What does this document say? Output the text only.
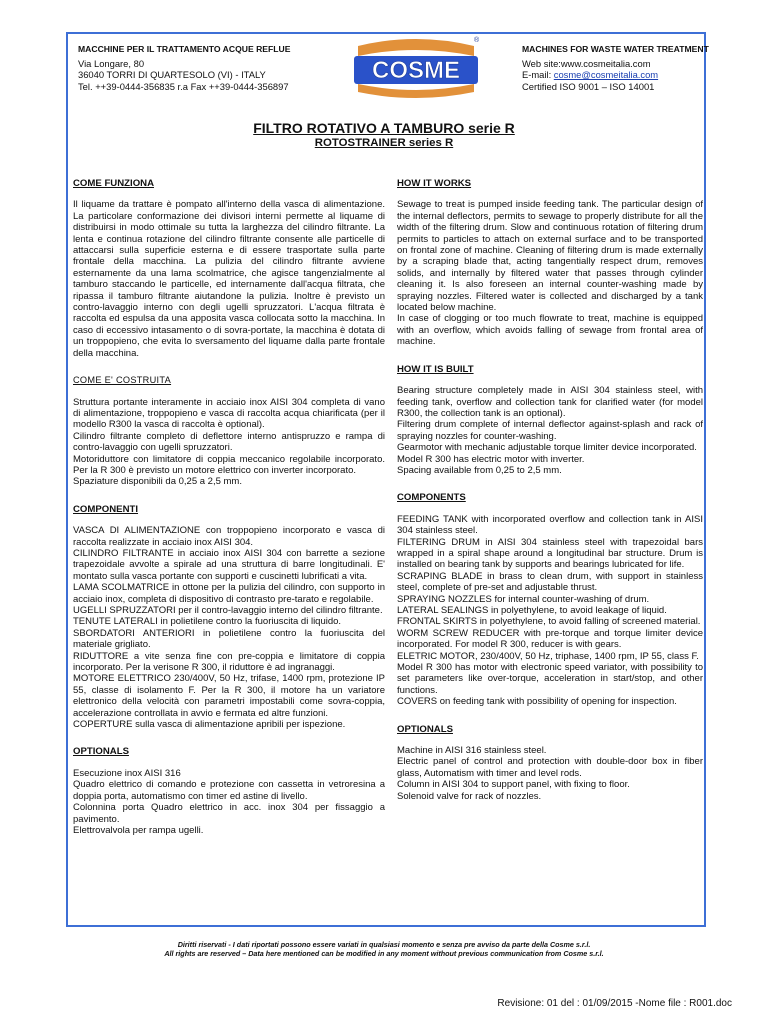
MACCHINE PER IL TRATTAMENTO ACQUE REFLUE
Via Longare, 80
36040 TORRI DI QUARTESOLO (VI) - ITALY
Tel. ++39-0444-356835 r.a Fax ++39-0444-356897
COSME
®
MACHINES FOR WASTE WATER TREATMENT
Web site:www.cosmeitalia.com
E-mail: cosme@cosmeitalia.com
Certified ISO 9001 – ISO 14001
FILTRO ROTATIVO A TAMBURO serie R
ROTOSTRAINER series R
COME FUNZIONA

Il liquame da trattare è pompato all'interno della vasca di alimentazione. La particolare conformazione dei divisori interni permette al liquame di distribuirsi in modo ottimale su tutta la larghezza del cilindro filtrante. La lenta e continua rotazione del cilindro filtrante consente alle particelle di attaccarsi sulla superficie esterna e di essere trasportate sulla parte frontale della macchina. La pulizia del cilindro filtrante avviene esternamente da una lama scolmatrice, che agisce tangenzialmente al tamburo staccando le particelle, ed internamente dall'acqua filtrata, che ripassa il tamburo filtrante aiutandone la pulizia. Inoltre è previsto un contro-lavaggio interno con degli ugelli spruzzatori. L'acqua filtrata è raccolta ed espulsa da una apposita vasca collocata sotto la macchina. In caso di eccessivo intasamento o di sovra-portate, la macchina è dotata di un troppopieno, che evita lo sversamento del liquame dalla parte frontale della macchina.

COME E' COSTRUITA

Struttura portante interamente in acciaio inox AISI 304 completa di vano di alimentazione, troppopieno e vasca di raccolta acqua chiarificata (per il modello R300 la vasca di raccolta è optional).
Cilindro filtrante completo di deflettore interno antispruzzo e rampa di contro-lavaggio con ugelli spruzzatori.
Motoriduttore con limitatore di coppia meccanico regolabile incorporato. Per la R 300 è previsto un motore elettrico con inverter incorporato.
Spaziature disponibili da 0,25 a 2,5 mm.

COMPONENTI

VASCA DI ALIMENTAZIONE con troppopieno incorporato e vasca di raccolta realizzate in acciaio inox AISI 304.
CILINDRO FILTRANTE in acciaio inox AISI 304 con barrette a sezione trapezoidale avvolte a spirale ad una struttura di barre longitudinali. E' montato sulla vasca portante con supporti e cuscinetti lubrificati a vita.
LAMA SCOLMATRICE in ottone per la pulizia del cilindro, con supporto in acciaio inox, completa di dispositivo di contrasto pre-tarato e regolabile.
UGELLI SPRUZZATORI per il contro-lavaggio interno del cilindro filtrante.
TENUTE LATERALI in polietilene contro la fuoriuscita di liquido.
SBORDATORI ANTERIORI in polietilene contro la fuoriuscita del materiale grigliato.
RIDUTTORE a vite senza fine con pre-coppia e limitatore di coppia incorporato. Per la verisone R 300, il riduttore è ad ingranaggi.
MOTORE ELETTRICO 230/400V, 50 Hz, trifase, 1400 rpm, protezione IP 55, classe di isolamento F. Per la R 300, il motore ha un variatore elettronico della velocità con parametri impostabili come sovra-coppia, accelerazione controllata in avvio e fermata ed altre funzioni.
COPERTURE sulla vasca di alimentazione apribili per ispezione.

OPTIONALS

Esecuzione inox AISI 316
Quadro elettrico di comando e protezione con cassetta in vetroresina a doppia porta, automatismo con timer ed astine di livello.
Colonnina porta Quadro elettrico in acc. inox 304 per fissaggio a pavimento.
Elettrovalvola per rampa ugelli.

HOW IT WORKS

Sewage to treat is pumped inside feeding tank. The particular design of the internal deflectors, permits to sewage to properly distribute for all the width of the filtering drum. Slow and continuous rotation of filtering drum permits to particles to attach on external surface and to be transported on frontal zone of machine. Cleaning of filtering drum is made externally by a scraping blade that, acting tangentially respect drum, removes solids, and internally by filtered water that passes through cylinder cleaning it. Is also foreseen an internal counter-washing made by spraying nozzles. Filtered water is collected and discharged by a tank located below machine.
In case of clogging or too much flowrate to treat, machine is equipped with an overflow, which avoids falling of sewage from frontal area of machine.

HOW IT IS BUILT

Bearing structure completely made in AISI 304 stainless steel, with feeding tank, overflow and collection tank for clarified water (for model R300, the collection tank is an optional).
Filtering drum complete of internal deflector against-splash and rack of spraying nozzles for counter-washing.
Gearmotor with mechanic adjustable torque limiter device incorporated.
Model R 300 has electric motor with inverter.
Spacing available from 0,25 to 2,5 mm.

COMPONENTS

FEEDING TANK with incorporated overflow and collection tank in AISI 304 stainless steel.
FILTERING DRUM in AISI 304 stainless steel with trapezoidal bars wrapped in a spiral shape around a longitudinal bar structure. Drum is installed on bearing tank by supports and bearings lubricated for life.
SCRAPING BLADE in brass to clean drum, with support in stainless steel, complete of pre-set and adjustable thrust.
SPRAYING NOZZLES for internal counter-washing of drum.
LATERAL SEALINGS in polyethylene, to avoid leakage of liquid.
FRONTAL SKIRTS in polyethylene, to avoid falling of screened material.
WORM SCREW REDUCER with pre-torque and torque limiter device incorporated. For model R 300, reducer is with gears.
ELETRIC MOTOR, 230/400V, 50 Hz, triphase, 1400 rpm, IP 55, class F.
Model R 300 has motor with electronic speed variator, with possibility to set parameters like over-torque, acceleration in start/stop, and other functions.
COVERS on feeding tank with possibility of opening for inspection.

OPTIONALS

Machine in AISI 316 stainless steel.
Electric panel of control and protection with double-door box in fiber glass, Automatism with timer and level rods.
Column in AISI 304 to support panel, with fixing to floor.
Solenoid valve for rack of nozzles.

Diritti riservati - I dati riportati possono essere variati in qualsiasi momento e senza pre avviso da parte della Cosme s.r.l.
All rights are reserved – Data here mentioned can be modified in any moment without previous communication from Cosme s.r.l.
Revisione: 01 del : 01/09/2015 -Nome file : R001.doc
